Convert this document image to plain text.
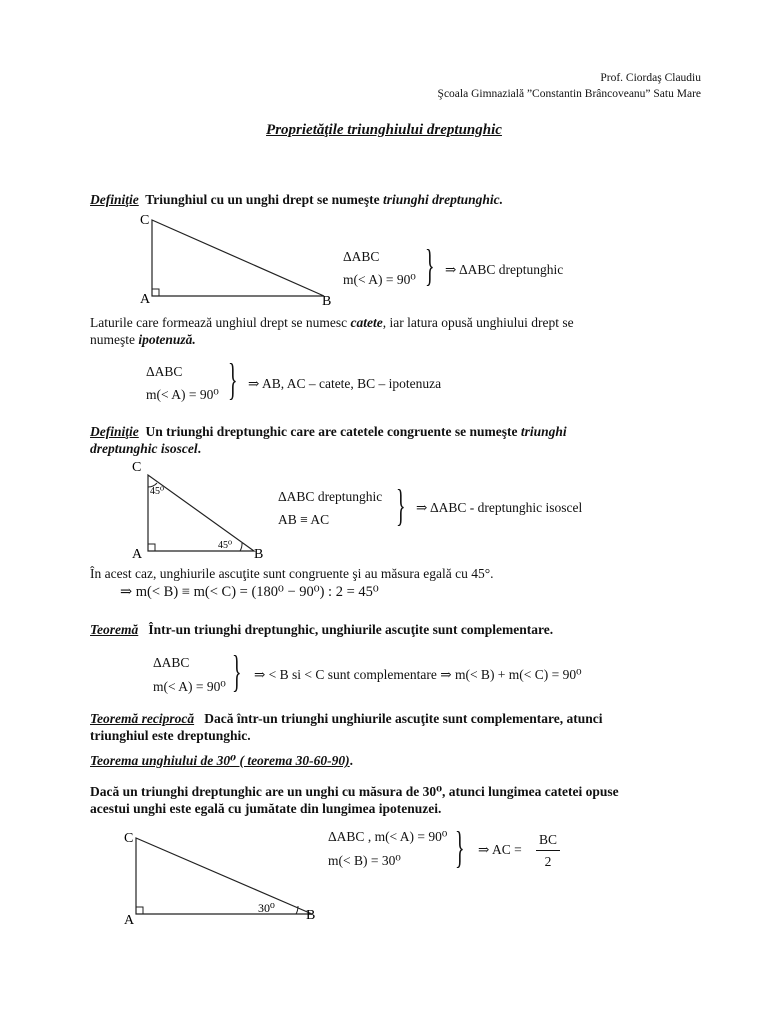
Prof. Ciordaş Claudiu
Şcoala Gimnazială ”Constantin Brâncoveanu” Satu Mare
Proprietăţile triunghiului dreptunghic
Definiţie Triunghiul cu un unghi drept se numeşte triunghi dreptunghic.
C
A	B
ΔABC
m(< A) = 90⁰ } ⇒ ΔABC dreptunghic
Laturile care formează unghiul drept se numesc catete, iar latura opusă unghiului drept se
numeşte ipotenuză.
ΔABC
m(< A) = 90⁰ } ⇒ AB, AC – catete, BC – ipotenuza
Definiţie Un triunghi dreptunghic care are catetele congruente se numeşte triunghi
dreptunghic isoscel.
C
A	B
45⁰
45⁰
ΔABC dreptunghic
AB ≡ AC } ⇒ ΔABC - dreptunghic isoscel
În acest caz, unghiurile ascuţite sunt congruente şi au măsura egală cu 45°.
⇒ m(< B) ≡ m(< C) = (180⁰ − 90⁰) : 2 = 45⁰
Teoremă Într-un triunghi dreptunghic, unghiurile ascuţite sunt complementare.
ΔABC
m(< A) = 90⁰ } ⇒ < B si < C sunt complementare ⇒ m(< B) + m(< C) = 90⁰
Teoremă reciprocă Dacă într-un triunghi unghiurile ascuţite sunt complementare, atunci
triunghiul este dreptunghic.
Teorema unghiului de 30⁰ ( teorema 30-60-90).
Dacă un triunghi dreptunghic are un unghi cu măsura de 30⁰, atunci lungimea catetei opuse
acestui unghi este egală cu jumătate din lungimea ipotenuzei.
C
A	B
30⁰
ΔABC , m(< A) = 90⁰
m(< B) = 30⁰ } ⇒ AC =
BC
2
